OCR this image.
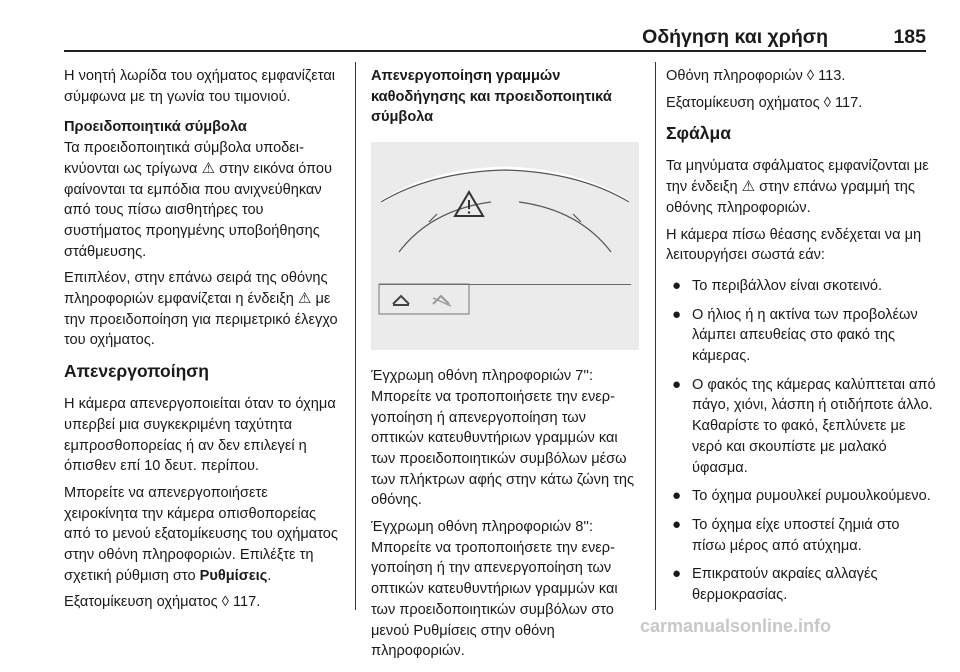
Οδήγηση και χρήση	185
Η νοητή λωρίδα του οχήματος εμφανίζεται σύμφωνα με τη γωνία του τιμονιού.
Προειδοποιητικά σύμβολα
Τα προειδοποιητικά σύμβολα υποδεικνύονται ως τρίγωνα ⚠ στην εικόνα όπου φαίνονται τα εμπόδια που ανιχνεύθηκαν από τους πίσω αισθητήρες του συστήματος προηγμένης υποβοήθησης στάθμευσης.
Επιπλέον, στην επάνω σειρά της οθόνης πληροφοριών εμφανίζεται η ένδειξη ⚠ με την προειδοποίηση για περιμετρικό έλεγχο του οχήματος.
Απενεργοποίηση
Η κάμερα απενεργοποιείται όταν το όχημα υπερβεί μια συγκεκριμένη ταχύτητα εμπροσθοπορείας ή αν δεν επιλεγεί η όπισθεν επί 10 δευτ. περίπου.
Μπορείτε να απενεργοποιήσετε χειροκίνητα την κάμερα οπισθοπορείας από το μενού εξατομίκευσης του οχήματος στην οθόνη πληροφοριών. Επιλέξτε τη σχετική ρύθμιση στο Ρυθμίσεις.
Εξατομίκευση οχήματος ◊ 117.
Απενεργοποίηση γραμμών καθοδήγησης και προειδοποιητικά σύμβολα
Έγχρωμη οθόνη πληροφοριών 7'': Μπορείτε να τροποποιήσετε την ενεργοποίηση ή απενεργοποίηση των οπτικών κατευθυντήριων γραμμών και των προειδοποιητικών συμβόλων μέσω των πλήκτρων αφής στην κάτω ζώνη της οθόνης.
Έγχρωμη οθόνη πληροφοριών 8'': Μπορείτε να τροποποιήσετε την ενεργοποίηση ή την απενεργοποίηση των οπτικών κατευθυντήριων γραμμών και των προειδοποιητικών συμβόλων στο μενού Ρυθμίσεις στην οθόνη πληροφοριών.
Οθόνη πληροφοριών ◊ 113.
Εξατομίκευση οχήματος ◊ 117.
Σφάλμα
Τα μηνύματα σφάλματος εμφανίζονται με την ένδειξη ⚠ στην επάνω γραμμή της οθόνης πληροφοριών.
Η κάμερα πίσω θέασης ενδέχεται να μη λειτουργήσει σωστά εάν:
● Το περιβάλλον είναι σκοτεινό.
● Ο ήλιος ή η ακτίνα των προβολέων λάμπει απευθείας στο φακό της κάμερας.
● Ο φακός της κάμερας καλύπτεται από πάγο, χιόνι, λάσπη ή οτιδήποτε άλλο. Καθαρίστε το φακό, ξεπλύνετε με νερό και σκουπίστε με μαλακό ύφασμα.
● Το όχημα ρυμουλκεί ρυμουλκούμενο.
● Το όχημα είχε υποστεί ζημιά στο πίσω μέρος από ατύχημα.
● Επικρατούν ακραίες αλλαγές θερμοκρασίας.
carmanualsonline.info
